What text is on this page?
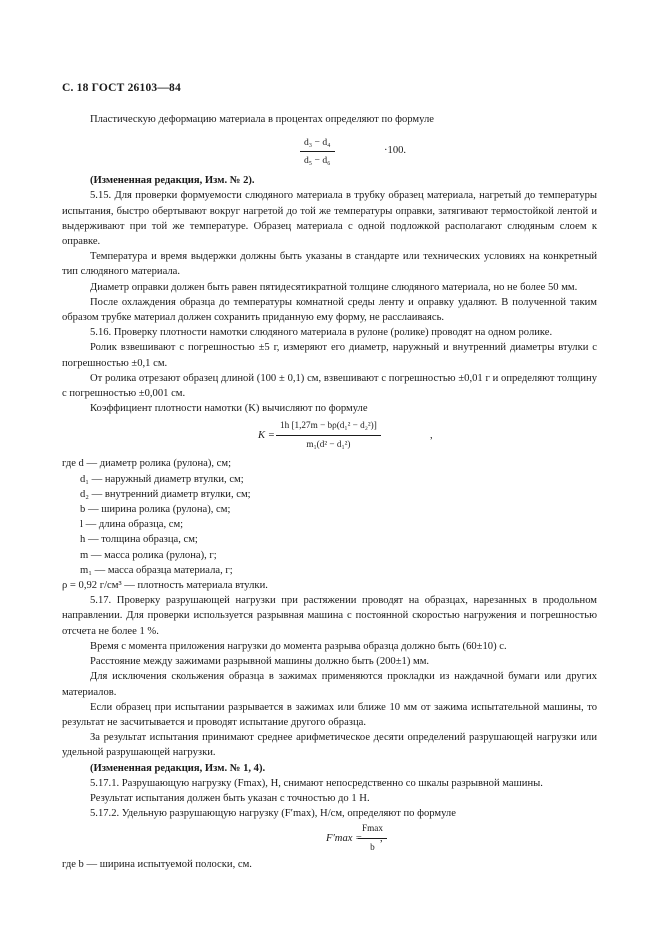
С. 18 ГОСТ 26103—84

Пластическую деформацию материала в процентах определяют по формуле

$\frac{\text{d₃ − d₄}}{\text{d₅ − d₆}}$	·100.

(Измененная редакция, Изм. № 2).

5.15. Для проверки формуемости слюдяного материала в трубку образец материала, нагретый до температуры испытания, быстро обертывают вокруг нагретой до той же температуры оправки, затягивают термостойкой лентой и выдерживают при той же температуре. Образец материала с одной подложкой располагают слюдяным слоем к оправке.

Температура и время выдержки должны быть указаны в стандарте или технических условиях на конкретный тип слюдяного материала.

Диаметр оправки должен быть равен пятидесятикратной толщине слюдяного материала, но не более 50 мм.

После охлаждения образца до температуры комнатной среды ленту и оправку удаляют. В полученной таким образом трубке материал должен сохранить приданную ему форму, не расслаиваясь.

5.16. Проверку плотности намотки слюдяного материала в рулоне (ролике) проводят на одном ролике.

Ролик взвешивают с погрешностью ±5 г, измеряют его диаметр, наружный и внутренний диаметры втулки с погрешностью ±0,1 см.

От ролика отрезают образец длиной (100 ± 0,1) см, взвешивают с погрешностью ±0,01 г и определяют толщину с погрешностью ±0,001 см.

Коэффициент плотности намотки (K) вычисляют по формуле

$K = \frac{\text{1h [1,27m − bρ(d₁² − d₂²)]}}{\text{m₁(d² − d₁²)}}$	,

где d — диаметр ролика (рулона), см;

d₁ — наружный диаметр втулки, см;
d₂ — внутренний диаметр втулки, см;
b — ширина ролика (рулона), см;
l — длина образца, см;
h — толщина образца, см;
m — масса ролика (рулона), г;
m₁ — масса образца материала, г;

ρ = 0,92 г/см³ — плотность материала втулки.

5.17. Проверку разрушающей нагрузки при растяжении проводят на образцах, нарезанных в продольном направлении. Для проверки используется разрывная машина с постоянной скоростью нагружения и погрешностью отсчета не более 1 %.

Время с момента приложения нагрузки до момента разрыва образца должно быть (60±10) с.

Расстояние между зажимами разрывной машины должно быть (200±1) мм.

Для исключения скольжения образца в зажимах применяются прокладки из наждачной бумаги или других материалов.

Если образец при испытании разрывается в зажимах или ближе 10 мм от зажима испытательной машины, то результат не засчитывается и проводят испытание другого образца.

За результат испытания принимают среднее арифметическое десяти определений разрушающей нагрузки или удельной разрушающей нагрузки.

(Измененная редакция, Изм. № 1, 4).

5.17.1. Разрушающую нагрузку (Fmax), Н, снимают непосредственно со шкалы разрывной машины.

Результат испытания должен быть указан с точностью до 1 Н.

5.17.2. Удельную разрушающую нагрузку (F′max), Н/см, определяют по формуле

F′max =
Fmax
b
,

где b — ширина испытуемой полоски, см.
